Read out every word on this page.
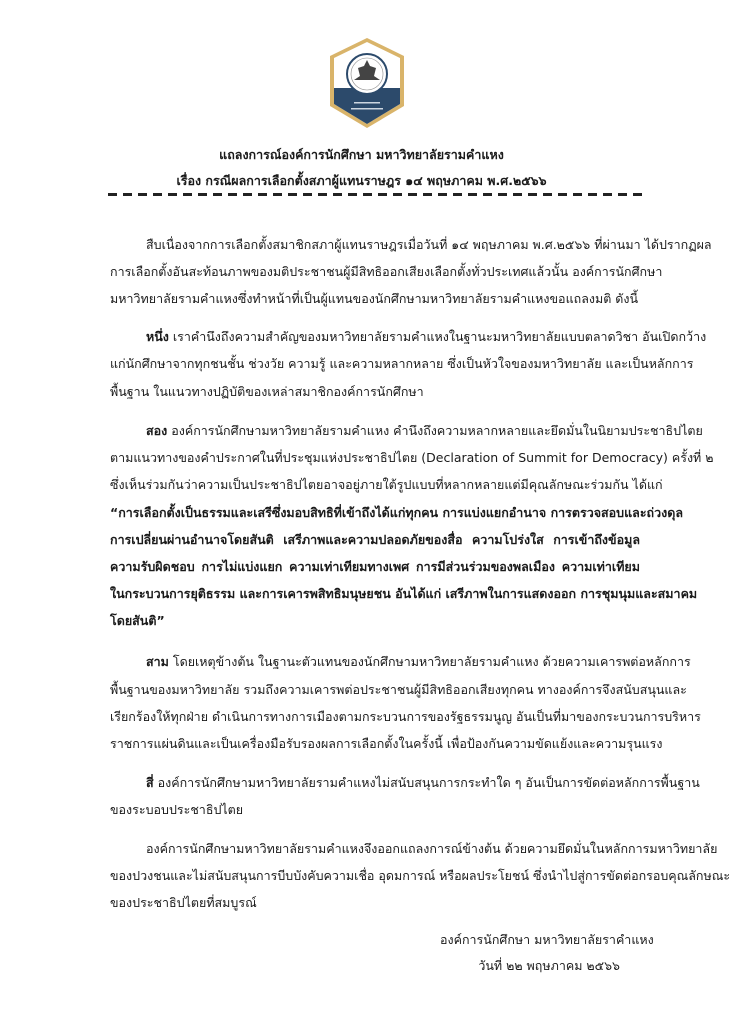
แถลงการณ์องค์การนักศึกษา มหาวิทยาลัยรามคำแหง
เรื่อง กรณีผลการเลือกตั้งสภาผู้แทนราษฎร ๑๔ พฤษภาคม พ.ศ.๒๕๖๖
สืบเนื่องจากการเลือกตั้งสมาชิกสภาผู้แทนราษฎรเมื่อวันที่ ๑๔ พฤษภาคม พ.ศ.๒๕๖๖ ที่ผ่านมา ได้ปรากฏผล
การเลือกตั้งอันสะท้อนภาพของมติประชาชนผู้มีสิทธิออกเสียงเลือกตั้งทั่วประเทศแล้วนั้น องค์การนักศึกษา
มหาวิทยาลัยรามคำแหงซึ่งทำหน้าที่เป็นผู้แทนของนักศึกษามหาวิทยาลัยรามคำแหงขอแถลงมติ ดังนี้
หนึ่ง เราคำนึงถึงความสำคัญของมหาวิทยาลัยรามคำแหงในฐานะมหาวิทยาลัยแบบตลาดวิชา อันเปิดกว้าง
แก่นักศึกษาจากทุกชนชั้น ช่วงวัย ความรู้ และความหลากหลาย ซึ่งเป็นหัวใจของมหาวิทยาลัย และเป็นหลักการ
พื้นฐาน ในแนวทางปฏิบัติของเหล่าสมาชิกองค์การนักศึกษา
สอง องค์การนักศึกษามหาวิทยาลัยรามคำแหง คำนึงถึงความหลากหลายและยึดมั่นในนิยามประชาธิปไตย
ตามแนวทางของคำประกาศในที่ประชุมแห่งประชาธิปไตย (Declaration of Summit for Democracy) ครั้งที่ ๒
ซึ่งเห็นร่วมกันว่าความเป็นประชาธิปไตยอาจอยู่ภายใต้รูปแบบที่หลากหลายแต่มีคุณลักษณะร่วมกัน ได้แก่
“การเลือกตั้งเป็นธรรมและเสรีซึ่งมอบสิทธิที่เข้าถึงได้แก่ทุกคน การแบ่งแยกอำนาจ การตรวจสอบและถ่วงดุล
การเปลี่ยนผ่านอำนาจโดยสันติ เสรีภาพและความปลอดภัยของสื่อ ความโปร่งใส การเข้าถึงข้อมูล
ความรับผิดชอบ การไม่แบ่งแยก ความเท่าเทียมทางเพศ การมีส่วนร่วมของพลเมือง ความเท่าเทียม
ในกระบวนการยุติธรรม และการเคารพสิทธิมนุษยชน อันได้แก่ เสรีภาพในการแสดงออก การชุมนุมและสมาคม
โดยสันติ”
สาม โดยเหตุข้างต้น ในฐานะตัวแทนของนักศึกษามหาวิทยาลัยรามคำแหง ด้วยความเคารพต่อหลักการ
พื้นฐานของมหาวิทยาลัย รวมถึงความเคารพต่อประชาชนผู้มีสิทธิออกเสียงทุกคน ทางองค์การจึงสนับสนุนและ
เรียกร้องให้ทุกฝ่าย ดำเนินการทางการเมืองตามกระบวนการของรัฐธรรมนูญ อันเป็นที่มาของกระบวนการบริหาร
ราชการแผ่นดินและเป็นเครื่องมือรับรองผลการเลือกตั้งในครั้งนี้ เพื่อป้องกันความขัดแย้งและความรุนแรง
สี่ องค์การนักศึกษามหาวิทยาลัยรามคำแหงไม่สนับสนุนการกระทำใด ๆ อันเป็นการขัดต่อหลักการพื้นฐาน
ของระบอบประชาธิปไตย
องค์การนักศึกษามหาวิทยาลัยรามคำแหงจึงออกแถลงการณ์ข้างต้น ด้วยความยึดมั่นในหลักการมหาวิทยาลัย
ของปวงชนและไม่สนับสนุนการบีบบังคับความเชื่อ อุดมการณ์ หรือผลประโยชน์ ซึ่งนำไปสู่การขัดต่อกรอบคุณลักษณะ
ของประชาธิปไตยที่สมบูรณ์
องค์การนักศึกษา มหาวิทยาลัยราคำแหง
วันที่ ๒๒ พฤษภาคม ๒๕๖๖
